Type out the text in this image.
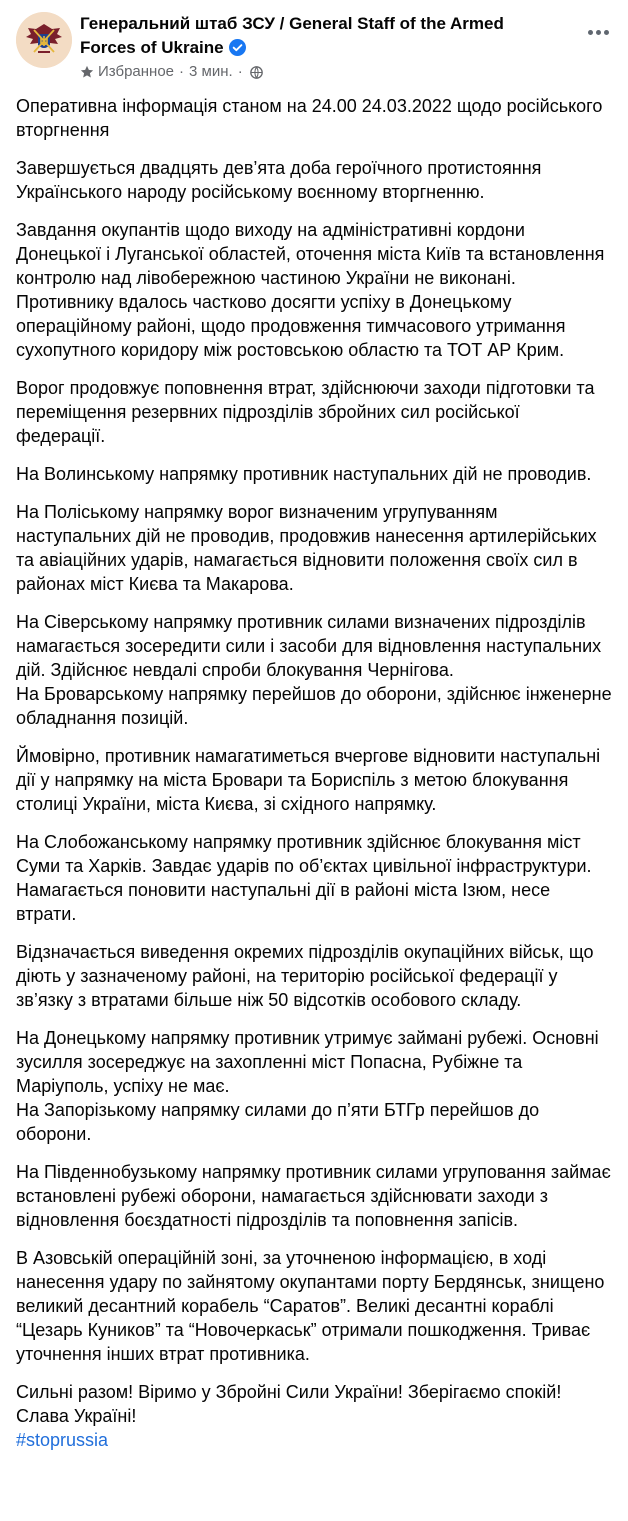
Генеральний штаб ЗСУ / General Staff of the Armed Forces of Ukraine
Избранное · 3 мин. ·

Оперативна інформація станом на 24.00 24.03.2022 щодо російського вторгнення

Завершується двадцять дев’ята доба героїчного протистояння Українського народу російському воєнному вторгненню.

Завдання окупантів щодо виходу на адміністративні кордони Донецької і Луганської областей, оточення міста Київ та встановлення контролю над лівобережною частиною України не виконані. Противнику вдалось частково досягти успіху в Донецькому операційному районі, щодо продовження тимчасового утримання сухопутного коридору між ростовською областю та ТОТ АР Крим.

Ворог продовжує поповнення втрат, здійснюючи заходи підготовки та переміщення резервних підрозділів збройних сил російської федерації.

На Волинському напрямку противник наступальних дій не проводив.

На Поліському напрямку ворог визначеним угрупуванням наступальних дій не проводив, продовжив нанесення артилерійських та авіаційних ударів, намагається відновити положення своїх сил в районах міст Києва та Макарова.

На Сіверському напрямку противник силами визначених підрозділів намагається зосередити сили і засоби для відновлення наступальних дій. Здійснює невдалі спроби блокування Чернігова.
На Броварському напрямку перейшов до оборони, здійснює інженерне обладнання позицій.

Ймовірно, противник намагатиметься вчергове відновити наступальні дії у напрямку на міста Бровари та Бориспіль з метою блокування столиці України, міста Києва, зі східного напрямку.

На Слобожанському напрямку противник здійснює блокування міст Суми та Харків. Завдає ударів по об’єктах цивільної інфраструктури. Намагається поновити наступальні дії в районі міста Ізюм, несе втрати.

Відзначається виведення окремих підрозділів окупаційних військ, що діють у зазначеному районі, на територію російської федерації у зв’язку з втратами більше ніж 50 відсотків особового складу.

На Донецькому напрямку противник утримує займані рубежі. Основні зусилля зосереджує на захопленні міст Попасна, Рубіжне та Маріуполь, успіху не має.
На Запорізькому напрямку силами до п’яти БТГр перейшов до оборони.

На Південнобузькому напрямку противник силами угруповання займає встановлені рубежі оборони, намагається здійснювати заходи з відновлення боєздатності підрозділів та поповнення запісів.

В Азовській операційній зоні, за уточненою інформацією, в ході нанесення удару по зайнятому окупантами порту Бердянськ, знищено великий десантний корабель “Саратов”. Великі десантні кораблі “Цезарь Куников” та “Новочеркаськ” отримали пошкодження. Триває уточнення інших втрат противника.

Сильні разом! Віримо у Збройні Сили України! Зберігаємо спокій!
Слава Україні!

#stoprussia
